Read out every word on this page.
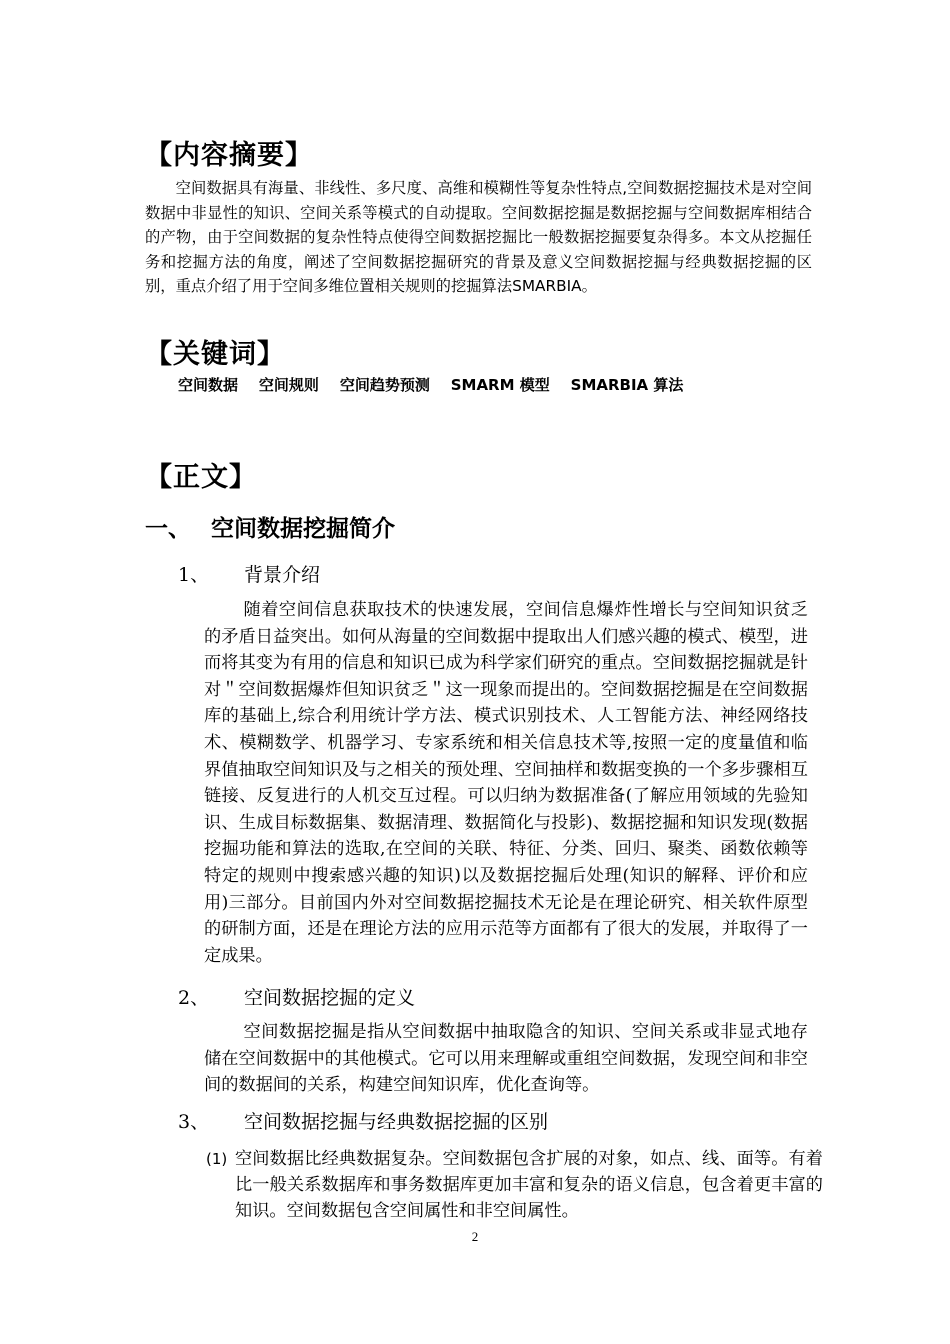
【内容摘要】
空间数据具有海量、非线性、多尺度、高维和模糊性等复杂性特点,空间数据挖掘技术是对空间数据中非显性的知识、空间关系等模式的自动提取。空间数据挖掘是数据挖掘与空间数据库相结合的产物，由于空间数据的复杂性特点使得空间数据挖掘比一般数据挖掘要复杂得多。本文从挖掘任务和挖掘方法的角度，阐述了空间数据挖掘研究的背景及意义空间数据挖掘与经典数据挖掘的区别，重点介绍了用于空间多维位置相关规则的挖掘算法SMARBIA。
【关键词】
空间数据 空间规则 空间趋势预测 SMARM 模型 SMARBIA 算法
【正文】
一、 空间数据挖掘简介
1、 背景介绍
随着空间信息获取技术的快速发展，空间信息爆炸性增长与空间知识贫乏的矛盾日益突出。如何从海量的空间数据中提取出人们感兴趣的模式、模型，进而将其变为有用的信息和知识已成为科学家们研究的重点。空间数据挖掘就是针对＂空间数据爆炸但知识贫乏＂这一现象而提出的。空间数据挖掘是在空间数据库的基础上,综合利用统计学方法、模式识别技术、人工智能方法、神经网络技术、模糊数学、机器学习、专家系统和相关信息技术等,按照一定的度量值和临界值抽取空间知识及与之相关的预处理、空间抽样和数据变换的一个多步骤相互链接、反复进行的人机交互过程。可以归纳为数据准备(了解应用领域的先验知识、生成目标数据集、数据清理、数据简化与投影)、数据挖掘和知识发现(数据挖掘功能和算法的选取,在空间的关联、特征、分类、回归、聚类、函数依赖等特定的规则中搜索感兴趣的知识)以及数据挖掘后处理(知识的解释、评价和应用)三部分。目前国内外对空间数据挖掘技术无论是在理论研究、相关软件原型的研制方面，还是在理论方法的应用示范等方面都有了很大的发展，并取得了一定成果。
2、 空间数据挖掘的定义
空间数据挖掘是指从空间数据中抽取隐含的知识、空间关系或非显式地存储在空间数据中的其他模式。它可以用来理解或重组空间数据，发现空间和非空间的数据间的关系，构建空间知识库，优化查询等。
3、 空间数据挖掘与经典数据挖掘的区别
(1) 空间数据比经典数据复杂。空间数据包含扩展的对象，如点、线、面等。有着比一般关系数据库和事务数据库更加丰富和复杂的语义信息，包含着更丰富的知识。空间数据包含空间属性和非空间属性。
2
